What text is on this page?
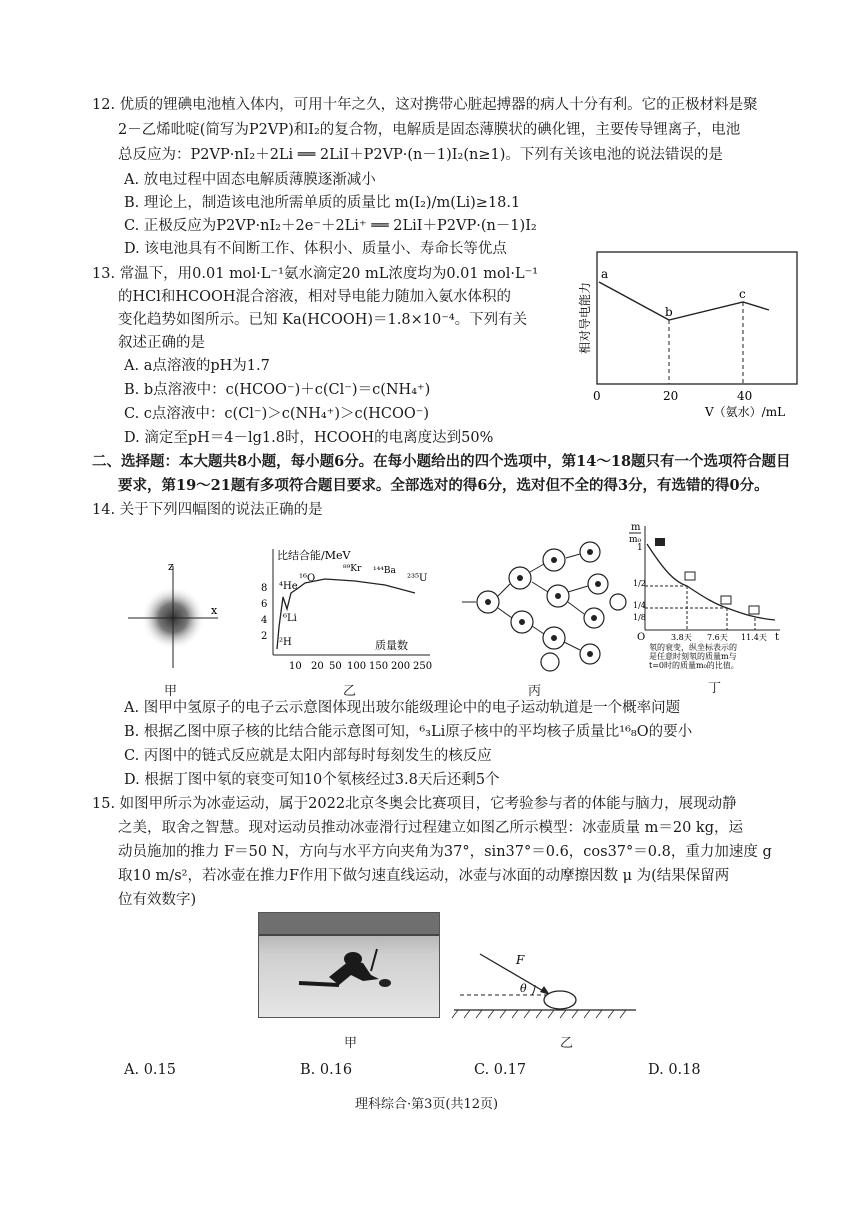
12. 优质的锂碘电池植入体内，可用十年之久，这对携带心脏起搏器的病人十分有利。它的正极材料是聚
2－乙烯吡啶(简写为P2VP)和I₂的复合物，电解质是固态薄膜状的碘化锂，主要传导锂离子，电池
总反应为：P2VP·nI₂＋2Li ══ 2LiI＋P2VP·(n－1)I₂(n≥1)。下列有关该电池的说法错误的是
A. 放电过程中固态电解质薄膜逐渐减小
B. 理论上，制造该电池所需单质的质量比 m(I₂)/m(Li)≥18.1
C. 正极反应为P2VP·nI₂＋2e⁻＋2Li⁺ ══ 2LiI＋P2VP·(n－1)I₂
D. 该电池具有不间断工作、体积小、质量小、寿命长等优点
13. 常温下，用0.01 mol·L⁻¹氨水滴定20 mL浓度均为0.01 mol·L⁻¹
的HCl和HCOOH混合溶液，相对导电能力随加入氨水体积的
变化趋势如图所示。已知 Ka(HCOOH)＝1.8×10⁻⁴。下列有关
叙述正确的是
A. a点溶液的pH为1.7
B. b点溶液中：c(HCOO⁻)＋c(Cl⁻)＝c(NH₄⁺)
C. c点溶液中：c(Cl⁻)＞c(NH₄⁺)＞c(HCOO⁻)
D. 滴定至pH＝4－lg1.8时，HCOOH的电离度达到50%
a
b
c
0	20	40
V（氨水）/mL
相对导电能力
二、选择题：本大题共8小题，每小题6分。在每小题给出的四个选项中，第14～18题只有一个选项符合题目
要求，第19～21题有多项符合题目要求。全部选对的得6分，选对但不全的得3分，有选错的得0分。
14. 关于下列四幅图的说法正确的是
z
x
甲
比结合能/MeV
8
6
4
2
⁴He
¹⁶O
⁸⁹Kr ¹⁴⁴Ba
²³⁵U
⁶Li
²H	质量数
10 20 50 100 150 200 250
乙	丙
m
m₀
t
O
1
1/2
1/4
1/8
3.8天 7.6天 11.4天
氡的衰变，纵坐标表示的
是任意时刻氡的质量m与
t=0时的质量m₀的比值。
丁
A. 图甲中氢原子的电子云示意图体现出玻尔能级理论中的电子运动轨道是一个概率问题
B. 根据乙图中原子核的比结合能示意图可知，⁶₃Li原子核中的平均核子质量比¹⁶₈O的要小
C. 丙图中的链式反应就是太阳内部每时每刻发生的核反应
D. 根据丁图中氡的衰变可知10个氡核经过3.8天后还剩5个
15. 如图甲所示为冰壶运动，属于2022北京冬奥会比赛项目，它考验参与者的体能与脑力，展现动静
之美，取舍之智慧。现对运动员推动冰壶滑行过程建立如图乙所示模型：冰壶质量 m＝20 kg，运
动员施加的推力 F＝50 N，方向与水平方向夹角为37°，sin37°＝0.6，cos37°＝0.8，重力加速度 g
取10 m/s²，若冰壶在推力F作用下做匀速直线运动，冰壶与冰面的动摩擦因数 μ 为(结果保留两
位有效数字)
甲
F
θ
乙
A. 0.15	B. 0.16	C. 0.17	D. 0.18
理科综合·第3页(共12页)
